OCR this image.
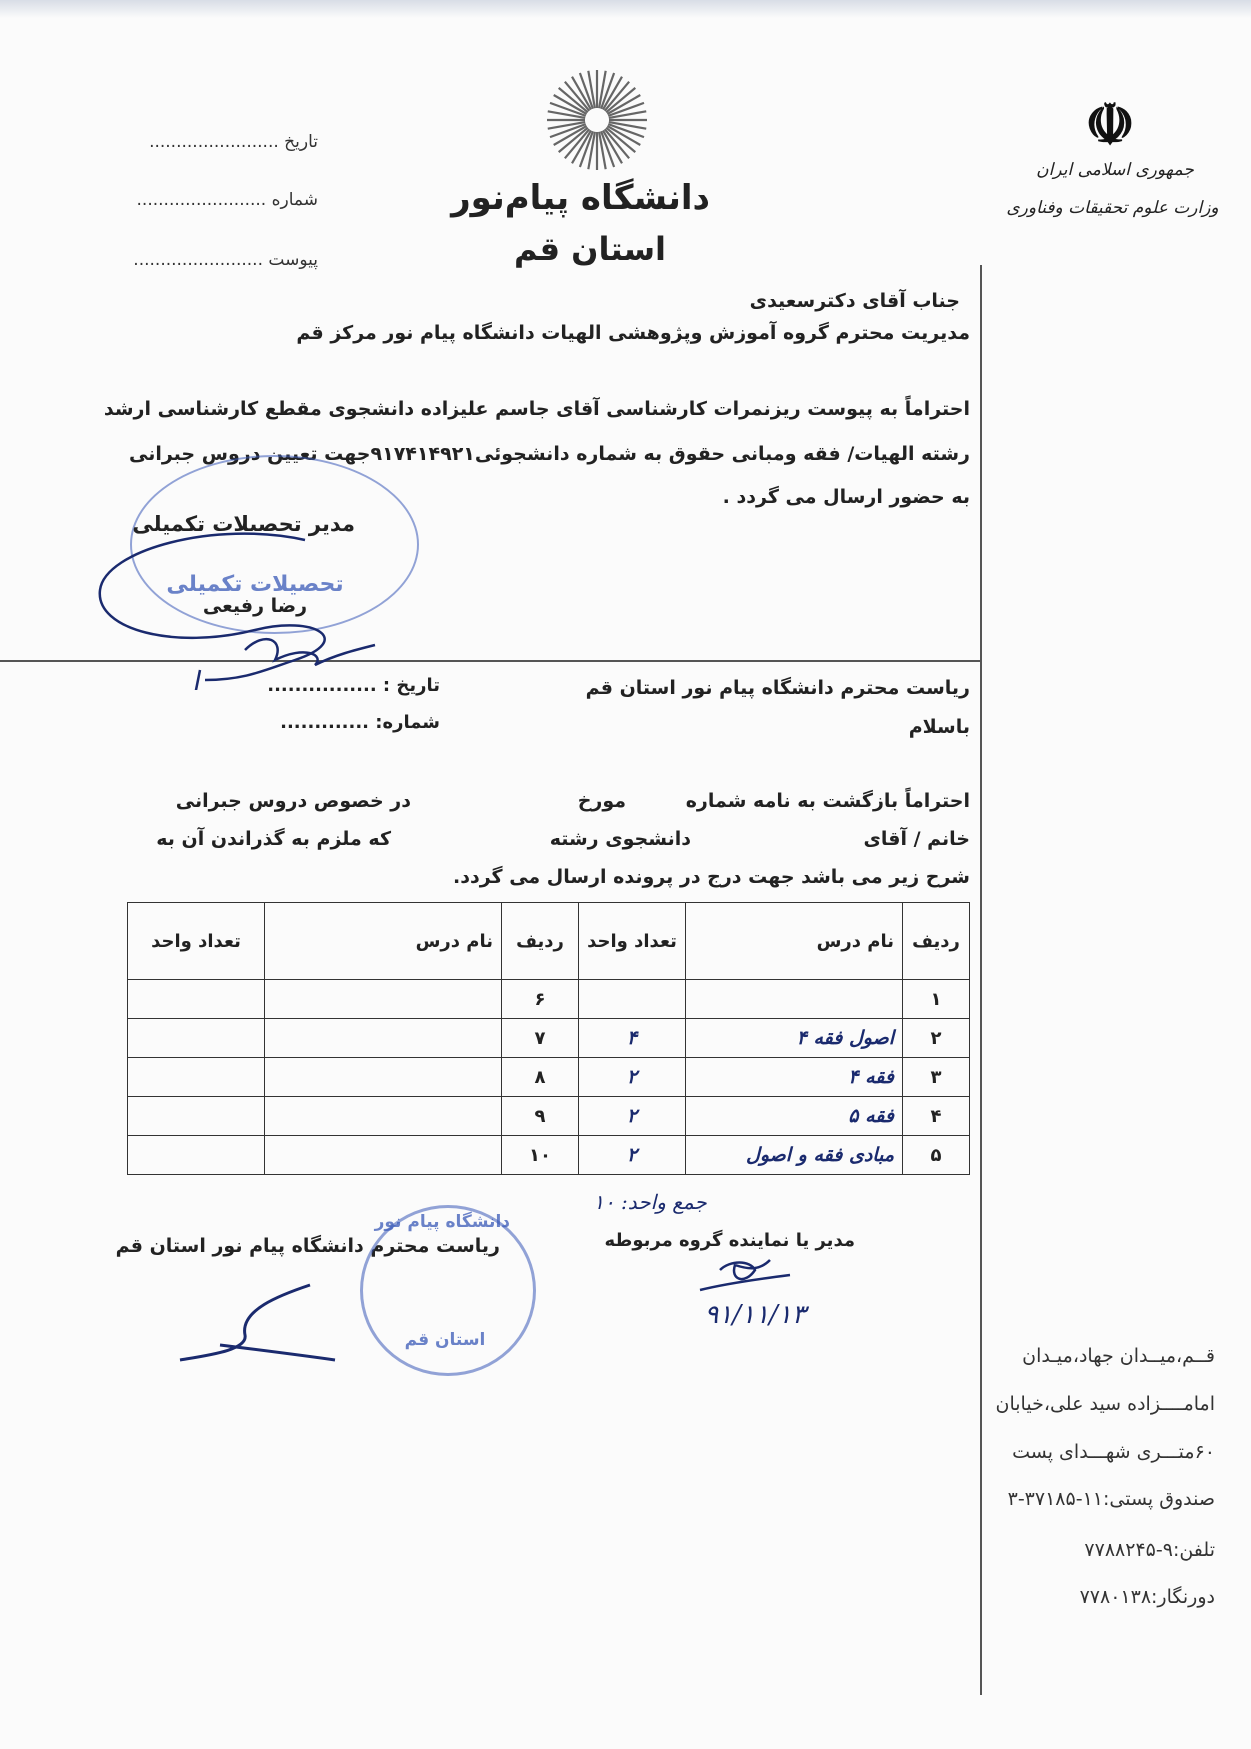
دانشگاه پیام‌نور
استان قم
☫
جمهوری اسلامی ایران
وزارت علوم تحقیقات وفناوری
تاریخ ........................
شماره ........................
پیوست ........................
جناب آقای دکترسعیدی
مدیریت محترم گروه آموزش وپژوهشی الهیات دانشگاه پیام نور مرکز قم
احتراماً به پیوست ریزنمرات کارشناسی آقای جاسم علیزاده دانشجوی مقطع کارشناسی ارشد
رشته الهیات/ فقه ومبانی حقوق به شماره دانشجوئی۹۱۷۴۱۴۹۲۱جهت تعیین دروس جبرانی
به حضور ارسال می گردد .
تحصیلات تکمیلی
مدیر تحصیلات تکمیلی
رضا رفیعی
تاریخ : ................
شماره: .............
ریاست محترم دانشگاه پیام نور استان قم
باسلام
احتراماً بازگشت به نامه شماره
مورخ
در خصوص دروس جبرانی
خانم / آقای
دانشجوی رشته
که ملزم به گذراندن آن به
شرح زیر می باشد جهت درج در پرونده ارسال می گردد.
ردیف	نام درس	تعداد واحد	ردیف	نام درس	تعداد واحد
۱			۶		
۲	اصول فقه ۴	۴	۷		
۳	فقه ۴	۲	۸		
۴	فقه ۵	۲	۹		
۵	مبادی فقه و اصول	۲	۱۰		
جمع واحد: ۱۰
مدیر یا نماینده گروه مربوطه
۹۱/۱۱/۱۳
ریاست محترم دانشگاه پیام نور استان قم
دانشگاه پیام نور
استان قم
قــم،میــدان جهاد،میـدان
امامــــزاده سید علی،خیابان
۶۰متـــری شهـــدای پست
صندوق پستی:۱۱-۳۷۱۸۵-۳
تلفن:۹-۷۷۸۸۲۴۵
دورنگار:۷۷۸۰۱۳۸
